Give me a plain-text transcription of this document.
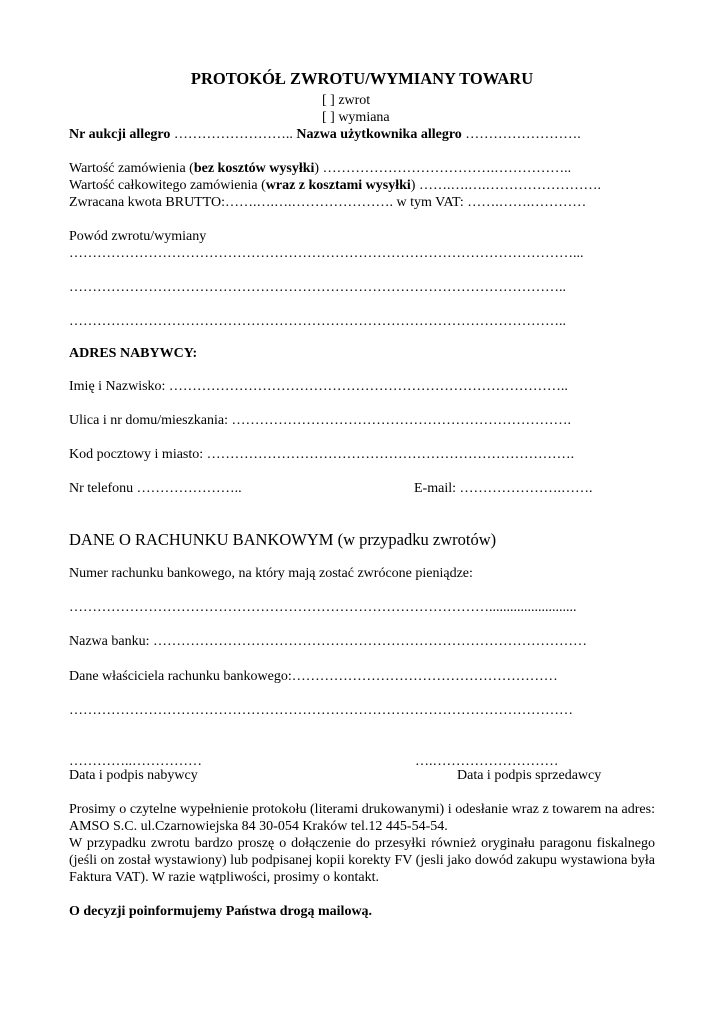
PROTOKÓŁ ZWROTU/WYMIANY TOWARU
[ ] zwrot
[ ] wymiana
Nr aukcji allegro …………………….. Nazwa użytkownika allegro …………………….
Wartość zamówienia (bez kosztów wysyłki) ……………………………….……………..
Wartość całkowitego zamówienia (wraz z kosztami wysyłki) …….….….…………………….
Zwracana kwota BRUTTO:…….….….…………………. w tym VAT: …….…….…………
Powód zwrotu/wymiany
………………………………………………………………………………………………...
……………………………………………………………………………………………..
……………………………………………………………………………………………..
ADRES NABYWCY:
Imię i Nazwisko: …………………………………………………………………………..
Ulica i nr domu/mieszkania: ……………………………………………………………….
Kod pocztowy i miasto: …………………………………………………………………….
Nr telefonu …………………..	E-mail: ………………….…….
DANE O RACHUNKU BANKOWYM (w przypadku zwrotów)
Numer rachunku bankowego, na który mają zostać zwrócone pieniądze:
……………………………………………………………………………….........................
Nazwa banku: …………………………………………………………………………………
Dane właściciela rachunku bankowego:…………………………………………………
………………………………………………………………………………………………
…………..……………	….………………………
Data i podpis nabywcy	Data i podpis sprzedawcy
Prosimy o czytelne wypełnienie protokołu (literami drukowanymi) i odesłanie wraz z towarem na adres: AMSO S.C. ul.Czarnowiejska 84 30-054 Kraków tel.12 445-54-54.
W przypadku zwrotu bardzo proszę o dołączenie do przesyłki również oryginału paragonu fiskalnego (jeśli on został wystawiony) lub podpisanej kopii korekty FV (jesli jako dowód zakupu wystawiona była Faktura VAT). W razie wątpliwości, prosimy o kontakt.
O decyzji poinformujemy Państwa drogą mailową.
